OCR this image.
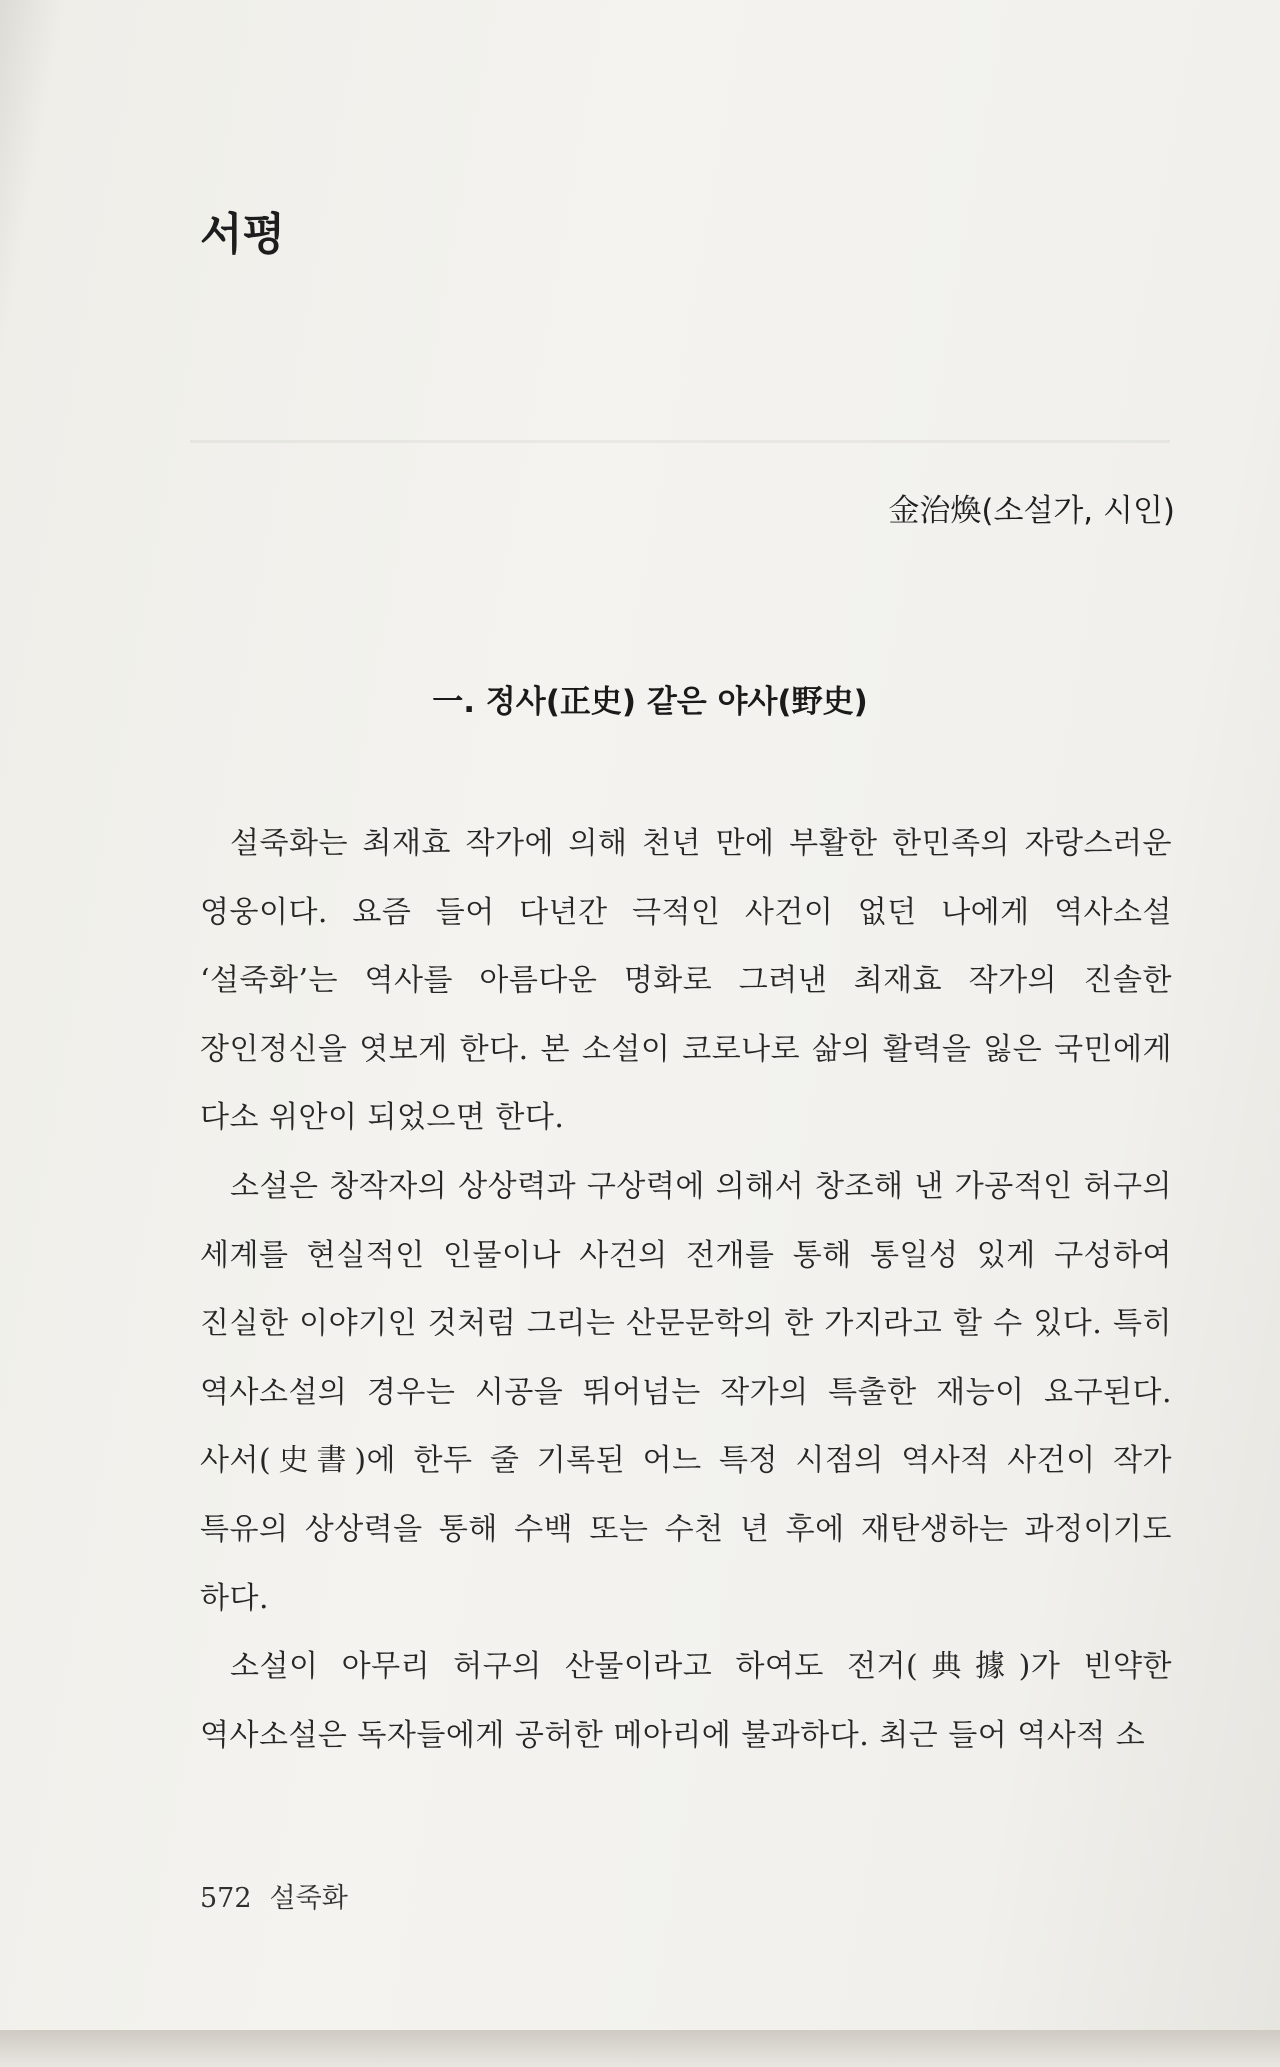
서평
金治煥(소설가, 시인)
一. 정사(正史) 같은 야사(野史)

설죽화는 최재효 작가에 의해 천년 만에 부활한 한민족의 자랑스러운 영웅이다. 요즘 들어 다년간 극적인 사건이 없던 나에게 역사소설 ‘설죽화’는 역사를 아름다운 명화로 그려낸 최재효 작가의 진솔한 장인정신을 엿보게 한다. 본 소설이 코로나로 삶의 활력을 잃은 국민에게 다소 위안이 되었으면 한다.

소설은 창작자의 상상력과 구상력에 의해서 창조해 낸 가공적인 허구의 세계를 현실적인 인물이나 사건의 전개를 통해 통일성 있게 구성하여 진실한 이야기인 것처럼 그리는 산문문학의 한 가지라고 할 수 있다. 특히 역사소설의 경우는 시공을 뛰어넘는 작가의 특출한 재능이 요구된다. 사서(史書)에 한두 줄 기록된 어느 특정 시점의 역사적 사건이 작가 특유의 상상력을 통해 수백 또는 수천 년 후에 재탄생하는 과정이기도 하다.

소설이 아무리 허구의 산물이라고 하여도 전거(典據)가 빈약한 역사소설은 독자들에게 공허한 메아리에 불과하다. 최근 들어 역사적 소

572 설죽화
